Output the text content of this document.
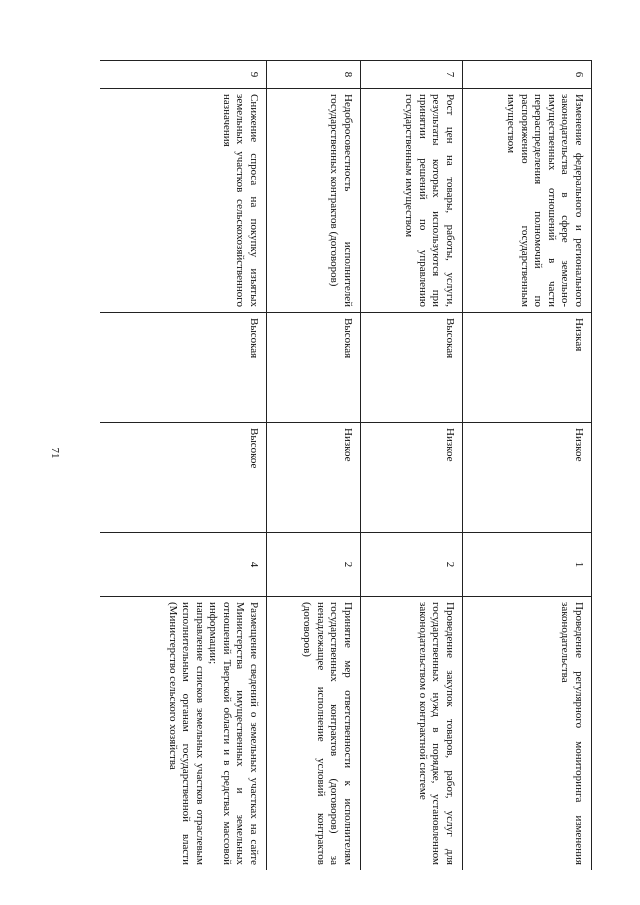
71
6	Изменение федерального и регионального законодательства в сфере земельно-имущественных отношений в части перераспределения полномочий по распоряжению государственным имуществом	Низкая	Низкое	1	Проведение регулярного мониторинга изменения законодательства

7	Рост цен на товары, работы, услуги, результаты которых используются при принятии решений по управлению государственным имуществом	Высокая	Низкое	2	Проведение закупок товаров, работ, услуг для государственных нужд в порядке, установленном законодательством о контрактной системе

8	Недобросовестность исполнителей государственных контрактов (договоров)	Высокая	Низкое	2	Принятие мер ответственности к исполнителям государственных контрактов (договоров) за ненадлежащее исполнение условий контрактов (договоров)

9	Снижение спроса на покупку изъятых земельных участков сельскохозяйственного назначения	Высокая	Высокое	4	Размещение сведений о земельных участках на сайте Министерства имущественных и земельных отношений Тверской области и в средствах массовой информации;
направление списков земельных участков отраслевым исполнительным органам государственной власти (Министерство сельского хозяйства
